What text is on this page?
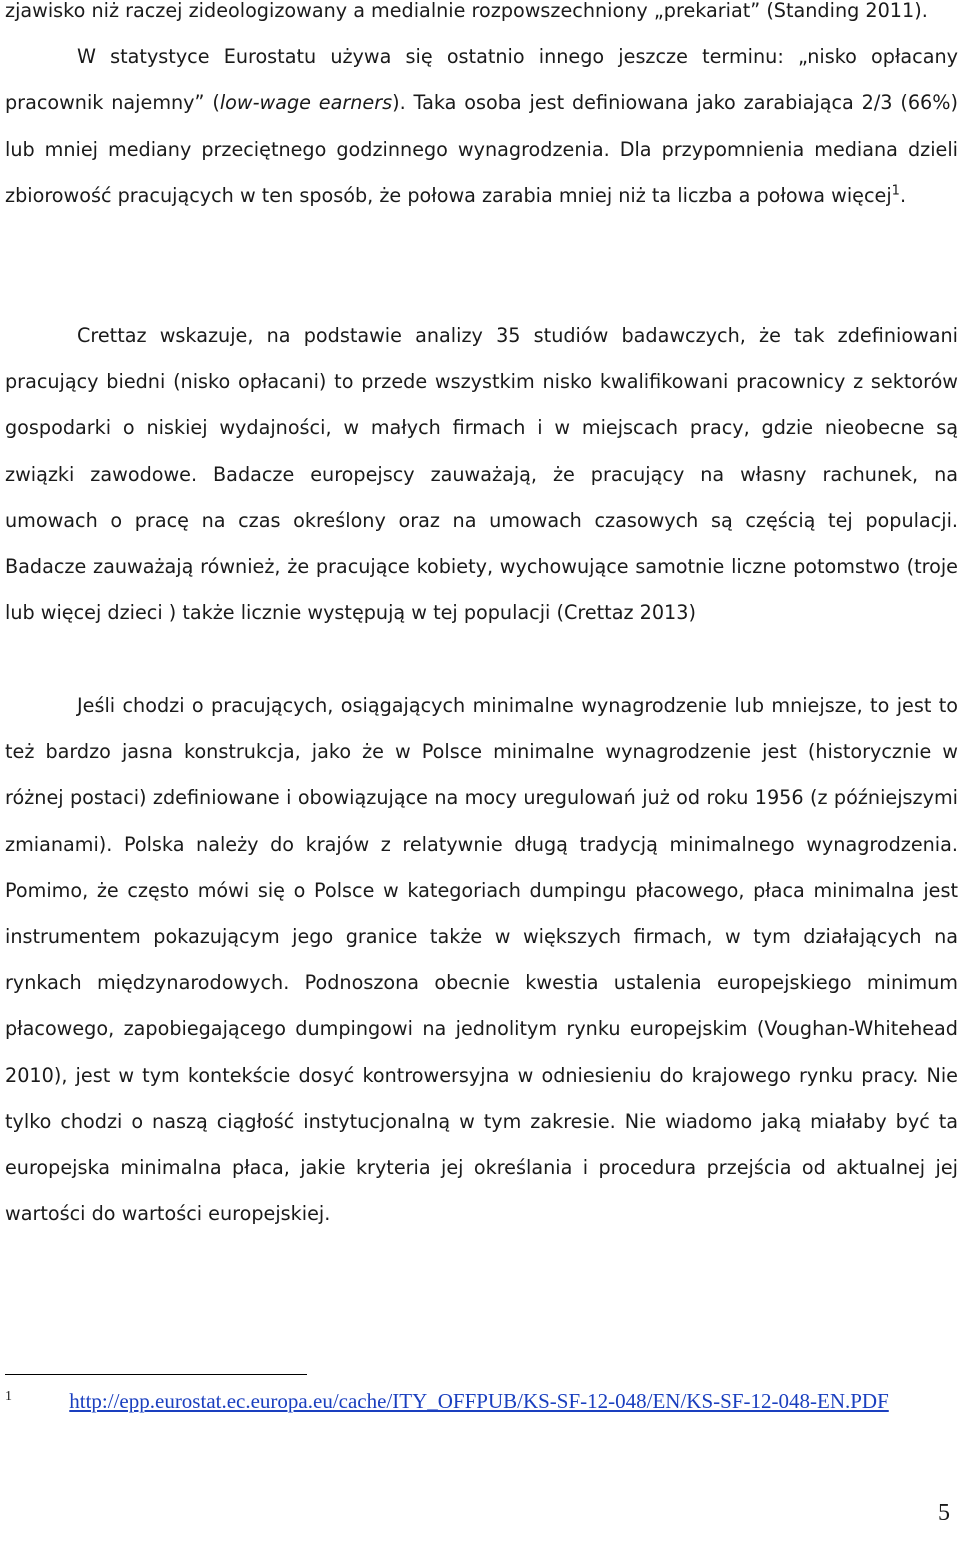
zjawisko niż raczej zideologizowany a medialnie rozpowszechniony „prekariat” (Standing 2011).

W statystyce Eurostatu używa się ostatnio innego jeszcze terminu: „nisko opłacany pracownik najemny” (low-wage earners). Taka osoba jest definiowana jako zarabiająca 2/3 (66%) lub mniej mediany przeciętnego godzinnego wynagrodzenia. Dla przypomnienia mediana dzieli zbiorowość pracujących w ten sposób, że połowa zarabia mniej niż ta liczba a połowa więcej$^1$.

Crettaz wskazuje, na podstawie analizy 35 studiów badawczych, że tak zdefiniowani pracujący biedni (nisko opłacani) to przede wszystkim nisko kwalifikowani pracownicy z sektorów gospodarki o niskiej wydajności, w małych firmach i w miejscach pracy, gdzie nieobecne są związki zawodowe. Badacze europejscy zauważają, że pracujący na własny rachunek, na umowach o pracę na czas określony oraz na umowach czasowych są częścią tej populacji. Badacze zauważają również, że pracujące kobiety, wychowujące samotnie liczne potomstwo (troje lub więcej dzieci ) także licznie występują w tej populacji (Crettaz 2013)

Jeśli chodzi o pracujących, osiągających minimalne wynagrodzenie lub mniejsze, to jest to też bardzo jasna konstrukcja, jako że w Polsce minimalne wynagrodzenie jest (historycznie w różnej postaci) zdefiniowane i obowiązujące na mocy uregulowań już od roku 1956 (z późniejszymi zmianami). Polska należy do krajów z relatywnie długą tradycją minimalnego wynagrodzenia. Pomimo, że często mówi się o Polsce w kategoriach dumpingu płacowego, płaca minimalna jest instrumentem pokazującym jego granice także w większych firmach, w tym działających na rynkach międzynarodowych. Podnoszona obecnie kwestia ustalenia europejskiego minimum płacowego, zapobiegającego dumpingowi na jednolitym rynku europejskim (Voughan-Whitehead 2010), jest w tym kontekście dosyć kontrowersyjna w odniesieniu do krajowego rynku pracy. Nie tylko chodzi o naszą ciągłość instytucjonalną w tym zakresie. Nie wiadomo jaką miałaby być ta europejska minimalna płaca, jakie kryteria jej określania i procedura przejścia od aktualnej jej wartości do wartości europejskiej.

$^1$	http://epp.eurostat.ec.europa.eu/cache/ITY_OFFPUB/KS-SF-12-048/EN/KS-SF-12-048-EN.PDF
5
